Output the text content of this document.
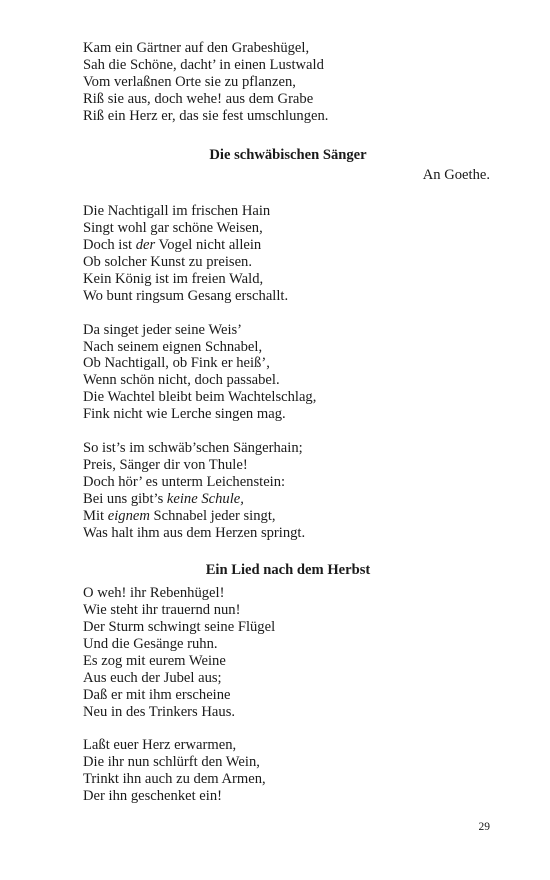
Kam ein Gärtner auf den Grabeshügel,
Sah die Schöne, dacht’ in einen Lustwald
Vom verlaßnen Orte sie zu pflanzen,
Riß sie aus, doch wehe! aus dem Grabe
Riß ein Herz er, das sie fest umschlungen.
Die schwäbischen Sänger
An Goethe.
Die Nachtigall im frischen Hain
Singt wohl gar schöne Weisen,
Doch ist der Vogel nicht allein
Ob solcher Kunst zu preisen.
Kein König ist im freien Wald,
Wo bunt ringsum Gesang erschallt.
Da singet jeder seine Weis’
Nach seinem eignen Schnabel,
Ob Nachtigall, ob Fink er heiß’,
Wenn schön nicht, doch passabel.
Die Wachtel bleibt beim Wachtelschlag,
Fink nicht wie Lerche singen mag.
So ist’s im schwäb’schen Sängerhain;
Preis, Sänger dir von Thule!
Doch hör’ es unterm Leichenstein:
Bei uns gibt’s keine Schule,
Mit eignem Schnabel jeder singt,
Was halt ihm aus dem Herzen springt.
Ein Lied nach dem Herbst
O weh! ihr Rebenhügel!
Wie steht ihr trauernd nun!
Der Sturm schwingt seine Flügel
Und die Gesänge ruhn.
Es zog mit eurem Weine
Aus euch der Jubel aus;
Daß er mit ihm erscheine
Neu in des Trinkers Haus.
Laßt euer Herz erwarmen,
Die ihr nun schlürft den Wein,
Trinkt ihn auch zu dem Armen,
Der ihn geschenket ein!
29
